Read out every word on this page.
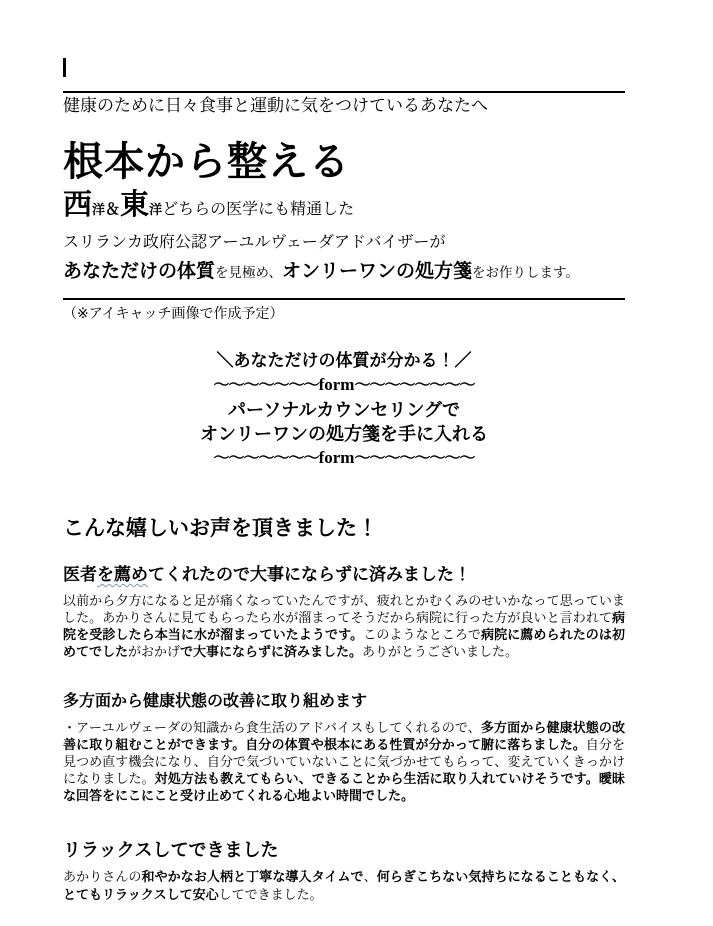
健康のために日々食事と運動に気をつけているあなたへ
根本から整える
西洋＆東洋どちらの医学にも精通した
スリランカ政府公認アーユルヴェーダアドバイザーが
あなただけの体質を見極め、オンリーワンの処方箋をお作りします。
（※アイキャッチ画像で作成予定）
＼あなただけの体質が分かる！／
～～～～～～～form～～～～～～～～
パーソナルカウンセリングで
オンリーワンの処方箋を手に入れる
～～～～～～～form～～～～～～～～
こんな嬉しいお声を頂きました！
医者を薦めてくれたので大事にならずに済みました！
以前から夕方になると足が痛くなっていたんですが、疲れとかむくみのせいかなって思っていました。あかりさんに見てもらったら水が溜まってそうだから病院に行った方が良いと言われて病院を受診したら本当に水が溜まっていたようです。このようなところで病院に薦められたのは初めてでしたがおかげで大事にならずに済みました。ありがとうございました。
多方面から健康状態の改善に取り組めます
・アーユルヴェーダの知識から食生活のアドバイスもしてくれるので、多方面から健康状態の改善に取り組むことができます。自分の体質や根本にある性質が分かって腑に落ちました。自分を見つめ直す機会になり、自分で気づいていないことに気づかせてもらって、変えていくきっかけになりました。対処方法も教えてもらい、できることから生活に取り入れていけそうです。曖昧な回答をにこにこと受け止めてくれる心地よい時間でした。
リラックスしてできました
あかりさんの和やかなお人柄と丁寧な導入タイムで、何らぎこちない気持ちになることもなく、とてもリラックスして安心してできました。
